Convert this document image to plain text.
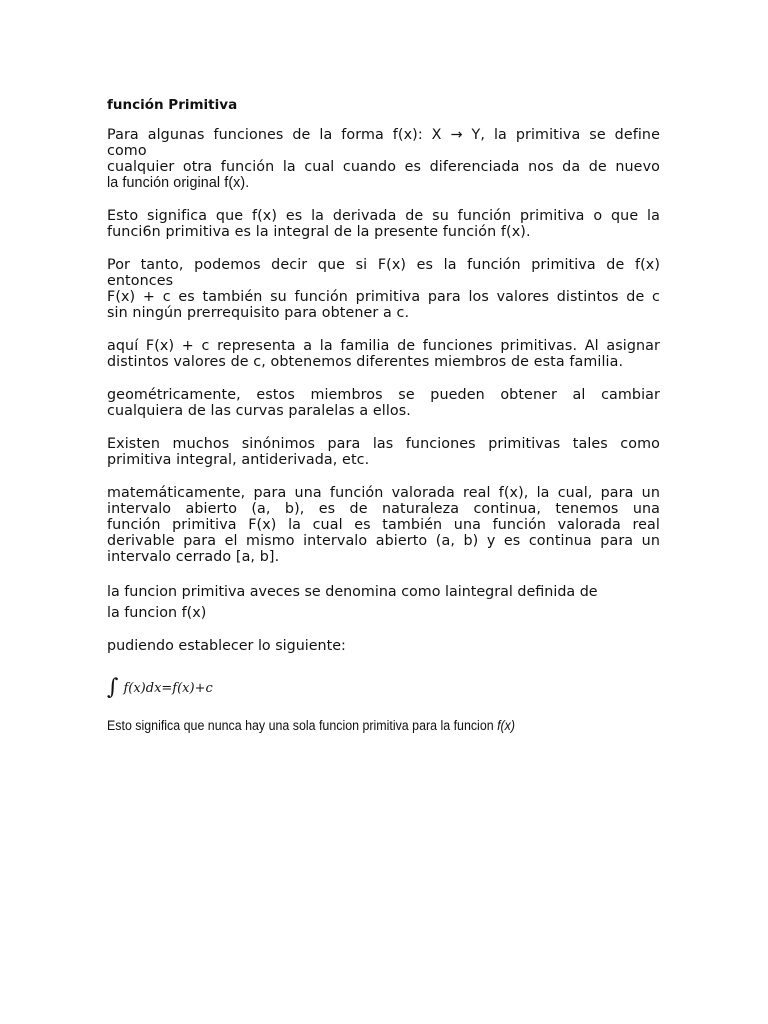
función Primitiva
Para algunas funciones de la forma f(x): X → Y, la primitiva se define
como
cualquier otra función la cual cuando es diferenciada nos da de nuevo
la función original f(x).
Esto significa que f(x) es la derivada de su función primitiva o que la
funci6n primitiva es la integral de la presente función f(x).
Por tanto, podemos decir que si F(x) es la función primitiva de f(x)
entonces
F(x) + c es también su función primitiva para los valores distintos de c
sin ningún prerrequisito para obtener a c.
aquí F(x) + c representa a la familia de funciones primitivas. Al asignar
distintos valores de c, obtenemos diferentes miembros de esta familia.
geométricamente, estos miembros se pueden obtener al cambiar
cualquiera de las curvas paralelas a ellos.
Existen muchos sinónimos para las funciones primitivas tales como
primitiva integral, antiderivada, etc.
matemáticamente, para una función valorada real f(x), la cual, para un
intervalo abierto (a, b), es de naturaleza continua, tenemos una
función primitiva F(x) la cual es también una función valorada real
derivable para el mismo intervalo abierto (a, b) y es continua para un
intervalo cerrado [a, b].
la funcion primitiva aveces se denomina como laintegral definida de
la funcion f(x)
pudiendo establecer lo siguiente:
∫ f(x)dx=f(x)+c
Esto significa que nunca hay una sola funcion primitiva para la funcion f(x)
